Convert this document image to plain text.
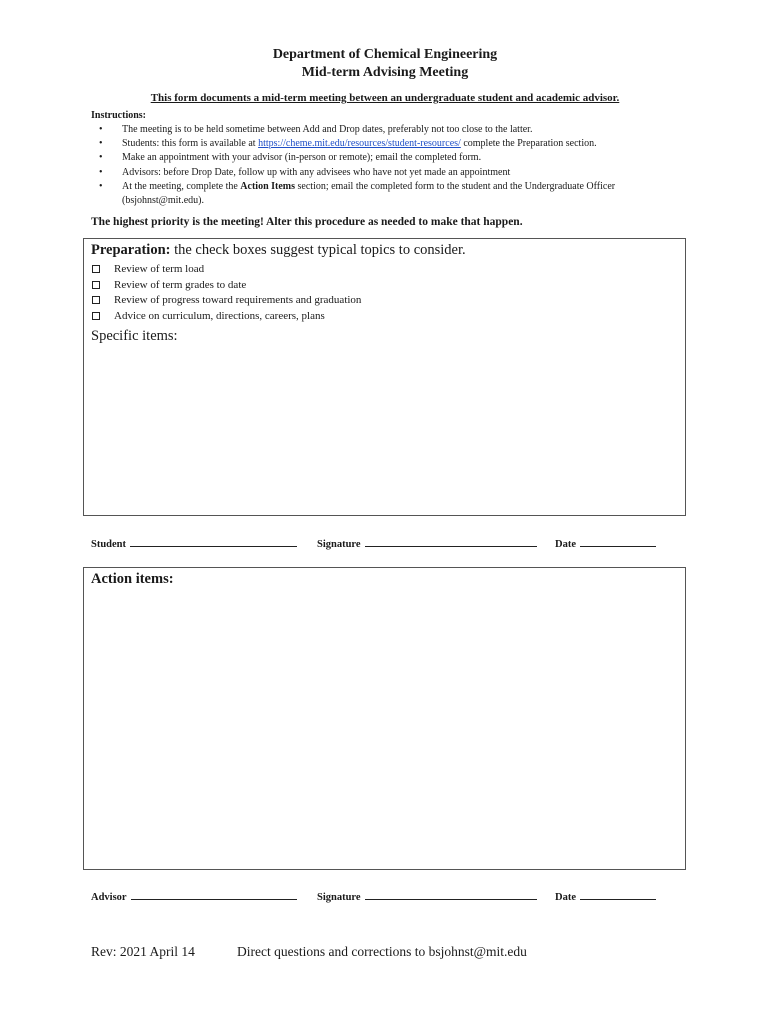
Department of Chemical Engineering
Mid-term Advising Meeting
This form documents a mid-term meeting between an undergraduate student and academic advisor.
Instructions:
• The meeting is to be held sometime between Add and Drop dates, preferably not too close to the latter.
• Students: this form is available at https://cheme.mit.edu/resources/student-resources/ complete the Preparation section.
• Make an appointment with your advisor (in-person or remote); email the completed form.
• Advisors: before Drop Date, follow up with any advisees who have not yet made an appointment
• At the meeting, complete the Action Items section; email the completed form to the student and the Undergraduate Officer
(bsjohnst@mit.edu).
The highest priority is the meeting! Alter this procedure as needed to make that happen.
Preparation: the check boxes suggest typical topics to consider.
Review of term load
Review of term grades to date
Review of progress toward requirements and graduation
Advice on curriculum, directions, careers, plans
Specific items:
Student	Signature	Date
Action items:
Advisor	Signature	Date
Rev: 2021 April 14	Direct questions and corrections to bsjohnst@mit.edu
